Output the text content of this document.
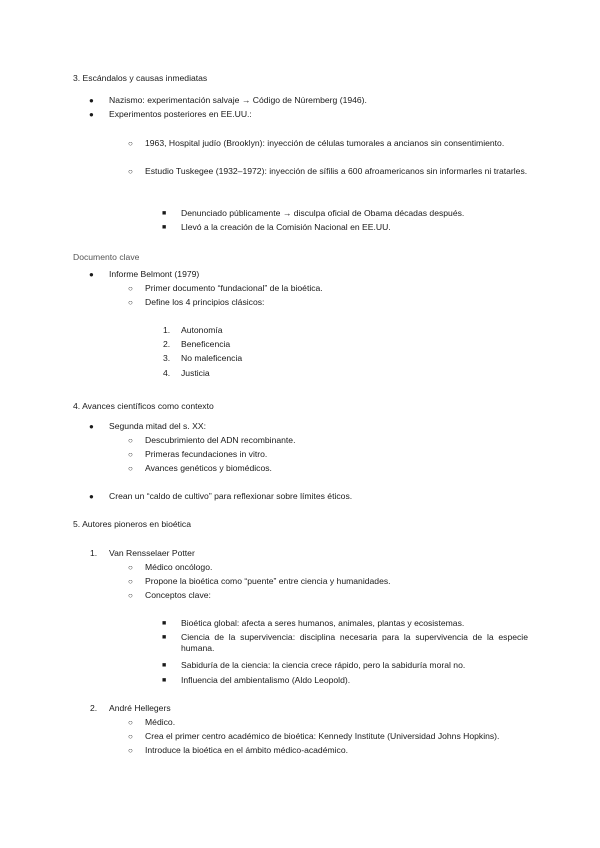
3. Escándalos y causas inmediatas
● Nazismo: experimentación salvaje → Código de Núremberg (1946).
● Experimentos posteriores en EE.UU.:
○ 1963, Hospital judío (Brooklyn): inyección de células tumorales a ancianos sin consentimiento.
○ Estudio Tuskegee (1932–1972): inyección de sífilis a 600 afroamericanos sin informarles ni tratarles.
■ Denunciado públicamente → disculpa oficial de Obama décadas después.
■ Llevó a la creación de la Comisión Nacional en EE.UU.
Documento clave
● Informe Belmont (1979)
○ Primer documento “fundacional” de la bioética.
○ Define los 4 principios clásicos:
1. Autonomía
2. Beneficencia
3. No maleficencia
4. Justicia
4. Avances científicos como contexto
● Segunda mitad del s. XX:
○ Descubrimiento del ADN recombinante.
○ Primeras fecundaciones in vitro.
○ Avances genéticos y biomédicos.
● Crean un “caldo de cultivo” para reflexionar sobre límites éticos.
5. Autores pioneros en bioética
1. Van Rensselaer Potter
○ Médico oncólogo.
○ Propone la bioética como “puente” entre ciencia y humanidades.
○ Conceptos clave:
■ Bioética global: afecta a seres humanos, animales, plantas y ecosistemas.
■ Ciencia de la supervivencia: disciplina necesaria para la supervivencia de la especie humana.
■ Sabiduría de la ciencia: la ciencia crece rápido, pero la sabiduría moral no.
■ Influencia del ambientalismo (Aldo Leopold).
2. André Hellegers
○ Médico.
○ Crea el primer centro académico de bioética: Kennedy Institute (Universidad Johns Hopkins).
○ Introduce la bioética en el ámbito médico-académico.
